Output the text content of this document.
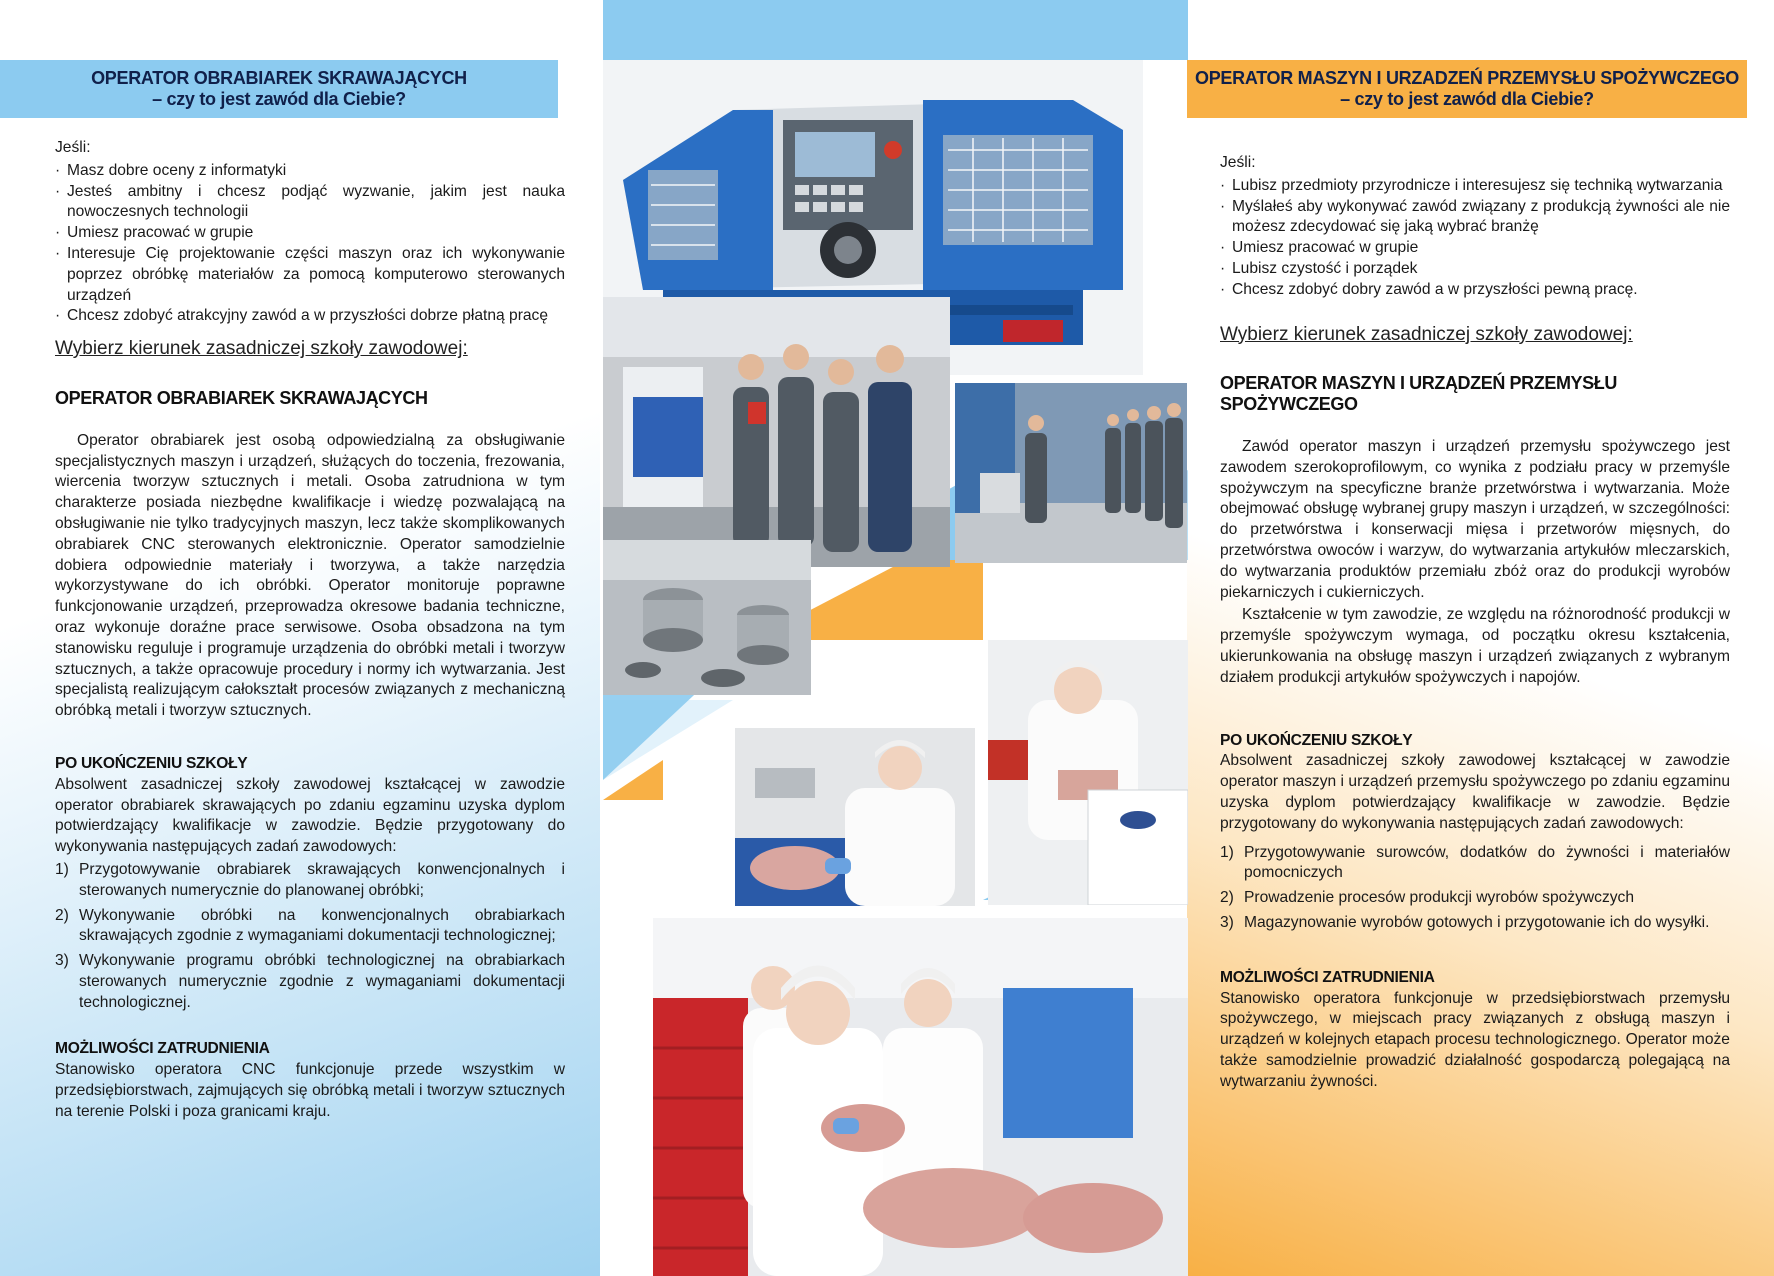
OPERATOR OBRABIAREK SKRAWAJĄCYCH
– czy to jest zawód dla Ciebie?
OPERATOR MASZYN I URZADZEŃ PRZEMYSŁU SPOŻYWCZEGO
– czy to jest zawód dla Ciebie?
Jeśli:
· Masz dobre oceny z informatyki
· Jesteś ambitny i chcesz podjąć wyzwanie, jakim jest nauka nowoczesnych technologii
· Umiesz pracować w grupie
· Interesuje Cię projektowanie części maszyn oraz ich wykonywanie poprzez obróbkę materiałów za pomocą komputerowo sterowanych urządzeń
· Chcesz zdobyć atrakcyjny zawód a w przyszłości dobrze płatną pracę
Wybierz kierunek zasadniczej szkoły zawodowej:
OPERATOR OBRABIAREK SKRAWAJĄCYCH
Operator obrabiarek jest osobą odpowiedzialną za obsługiwanie specjalistycznych maszyn i urządzeń, służących do toczenia, frezowania, wiercenia tworzyw sztucznych i metali. Osoba zatrudniona w tym charakterze posiada niezbędne kwalifikacje i wiedzę pozwalającą na obsługiwanie nie tylko tradycyjnych maszyn, lecz także skomplikowanych obrabiarek CNC sterowanych elektronicznie. Operator samodzielnie dobiera odpowiednie materiały i tworzywa, a także narzędzia wykorzystywane do ich obróbki. Operator monitoruje poprawne funkcjonowanie urządzeń, przeprowadza okresowe badania techniczne, oraz wykonuje doraźne prace serwisowe. Osoba obsadzona na tym stanowisku reguluje i programuje urządzenia do obróbki metali i tworzyw sztucznych, a także opracowuje procedury i normy ich wytwarzania. Jest specjalistą realizującym całokształt procesów związanych z mechaniczną obróbką metali i tworzyw sztucznych.
PO UKOŃCZENIU SZKOŁY
Absolwent zasadniczej szkoły zawodowej kształcącej w zawodzie operator obrabiarek skrawających po zdaniu egzaminu uzyska dyplom potwierdzający kwalifikacje w zawodzie. Będzie przygotowany do wykonywania następujących zadań zawodowych:
1) Przygotowywanie obrabiarek skrawających konwencjonalnych i sterowanych numerycznie do planowanej obróbki;
2) Wykonywanie obróbki na konwencjonalnych obrabiarkach skrawających zgodnie z wymaganiami dokumentacji technologicznej;
3) Wykonywanie programu obróbki technologicznej na obrabiarkach sterowanych numerycznie zgodnie z wymaganiami dokumentacji technologicznej.
MOŻLIWOŚCI ZATRUDNIENIA
Stanowisko operatora CNC funkcjonuje przede wszystkim w przedsiębiorstwach, zajmujących się obróbką metali i tworzyw sztucznych na terenie Polski i poza granicami kraju.
Jeśli:
· Lubisz przedmioty przyrodnicze i interesujesz się techniką wytwarzania
· Myślałeś aby wykonywać zawód związany z produkcją żywności ale nie możesz zdecydować się jaką wybrać branżę
· Umiesz pracować w grupie
· Lubisz czystość i porządek
· Chcesz zdobyć dobry zawód a w przyszłości pewną pracę.
Wybierz kierunek zasadniczej szkoły zawodowej:
OPERATOR MASZYN I URZĄDZEŃ PRZEMYSŁU SPOŻYWCZEGO
Zawód operator maszyn i urządzeń przemysłu spożywczego jest zawodem szerokoprofilowym, co wynika z podziału pracy w przemyśle spożywczym na specyficzne branże przetwórstwa i wytwarzania. Może obejmować obsługę wybranej grupy maszyn i urządzeń, w szczególności: do przetwórstwa i konserwacji mięsa i przetworów mięsnych, do przetwórstwa owoców i warzyw, do wytwarzania artykułów mleczarskich, do wytwarzania produktów przemiału zbóż oraz do produkcji wyrobów piekarniczych i cukierniczych.
Kształcenie w tym zawodzie, ze względu na różnorodność produkcji w przemyśle spożywczym wymaga, od początku okresu kształcenia, ukierunkowania na obsługę maszyn i urządzeń związanych z wybranym działem produkcji artykułów spożywczych i napojów.
PO UKOŃCZENIU SZKOŁY
Absolwent zasadniczej szkoły zawodowej kształcącej w zawodzie operator maszyn i urządzeń przemysłu spożywczego po zdaniu egzaminu uzyska dyplom potwierdzający kwalifikacje w zawodzie. Będzie przygotowany do wykonywania następujących zadań zawodowych:
1) Przygotowywanie surowców, dodatków do żywności i materiałów pomocniczych
2) Prowadzenie procesów produkcji wyrobów spożywczych
3) Magazynowanie wyrobów gotowych i przygotowanie ich do wysyłki.
MOŻLIWOŚCI ZATRUDNIENIA
Stanowisko operatora funkcjonuje w przedsiębiorstwach przemysłu spożywczego, w miejscach pracy związanych z obsługą maszyn i urządzeń w kolejnych etapach procesu technologicznego. Operator może także samodzielnie prowadzić działalność gospodarczą polegającą na wytwarzaniu żywności.
